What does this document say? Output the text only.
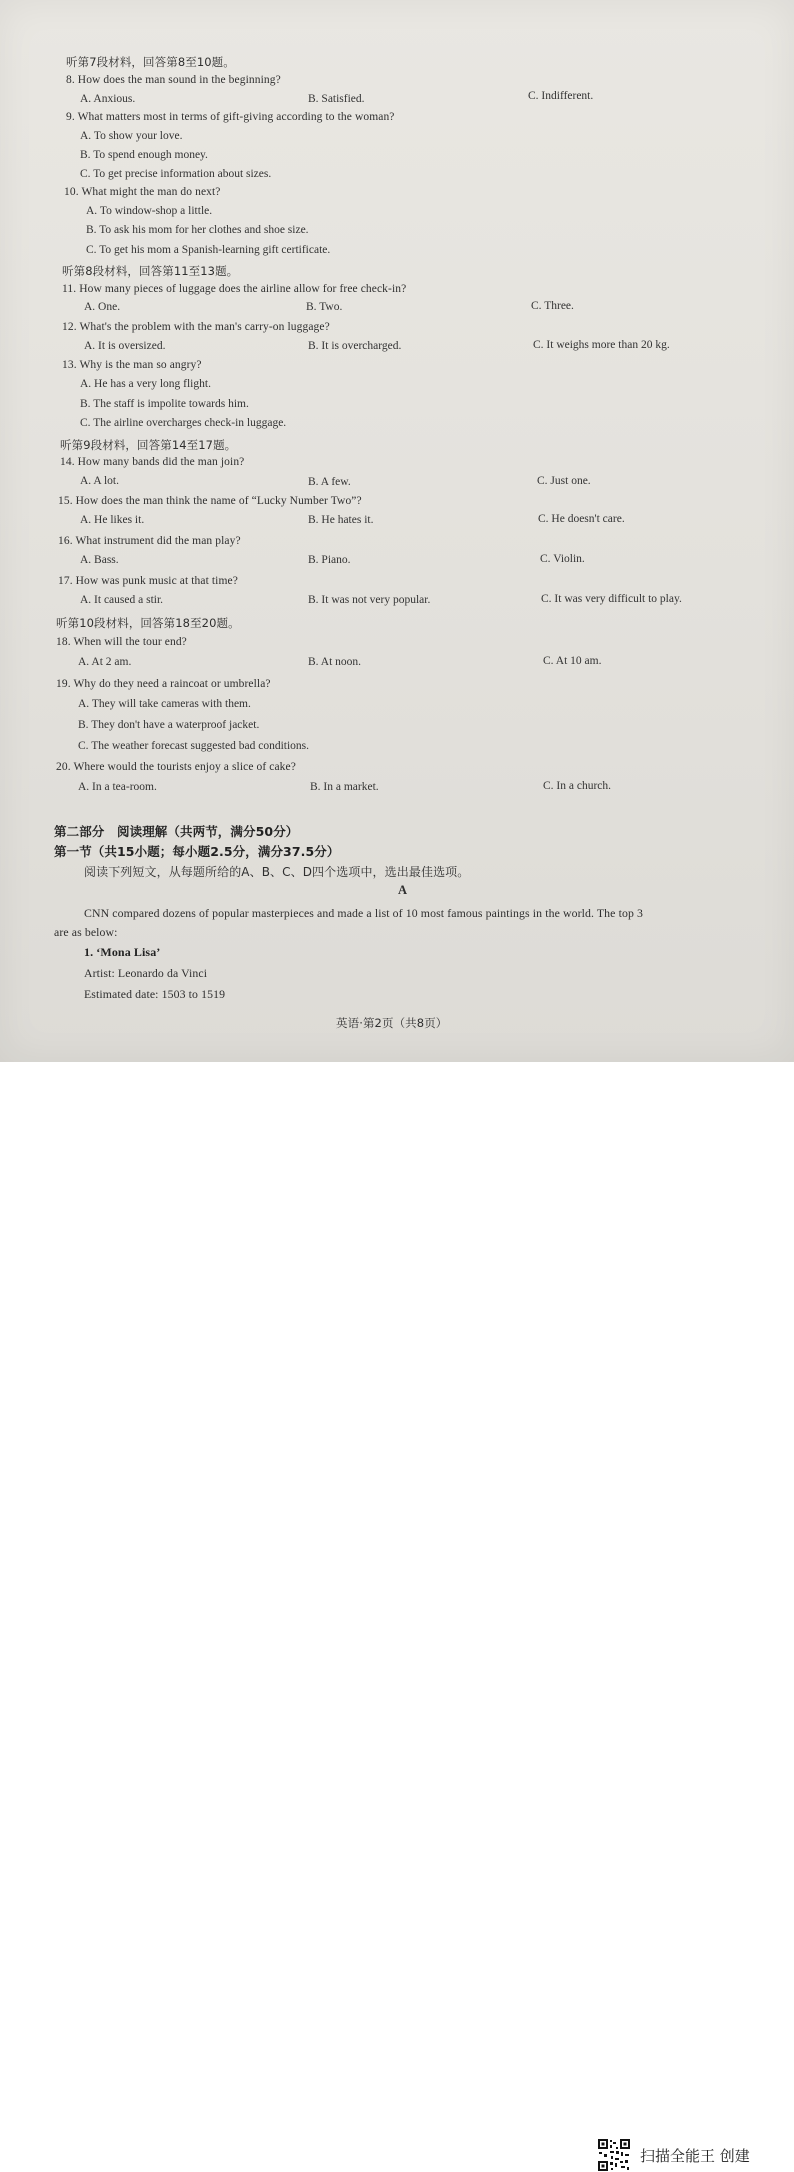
听第7段材料，回答第8至10题。
8. How does the man sound in the beginning?
A. Anxious.	B. Satisfied.	C. Indifferent.
9. What matters most in terms of gift-giving according to the woman?
A. To show your love.
B. To spend enough money.
C. To get precise information about sizes.
10. What might the man do next?
A. To window-shop a little.
B. To ask his mom for her clothes and shoe size.
C. To get his mom a Spanish-learning gift certificate.
听第8段材料，回答第11至13题。
11. How many pieces of luggage does the airline allow for free check-in?
A. One.	B. Two.	C. Three.
12. What's the problem with the man's carry-on luggage?
A. It is oversized.	B. It is overcharged.	C. It weighs more than 20 kg.
13. Why is the man so angry?
A. He has a very long flight.
B. The staff is impolite towards him.
C. The airline overcharges check-in luggage.
听第9段材料，回答第14至17题。
14. How many bands did the man join?
A. A lot.	B. A few.	C. Just one.
15. How does the man think the name of “Lucky Number Two”?
A. He likes it.	B. He hates it.	C. He doesn't care.
16. What instrument did the man play?
A. Bass.	B. Piano.	C. Violin.
17. How was punk music at that time?
A. It caused a stir.	B. It was not very popular.	C. It was very difficult to play.
听第10段材料，回答第18至20题。
18. When will the tour end?
A. At 2 am.	B. At noon.	C. At 10 am.
19. Why do they need a raincoat or umbrella?
A. They will take cameras with them.
B. They don't have a waterproof jacket.
C. The weather forecast suggested bad conditions.
20. Where would the tourists enjoy a slice of cake?
A. In a tea-room.	B. In a market.	C. In a church.
第二部分　阅读理解（共两节，满分50分）
第一节（共15小题；每小题2.5分，满分37.5分）
阅读下列短文，从每题所给的A、B、C、D四个选项中，选出最佳选项。
A
CNN compared dozens of popular masterpieces and made a list of 10 most famous paintings in the world. The top 3
are as below:
1. ‘Mona Lisa’
Artist: Leonardo da Vinci
Estimated date: 1503 to 1519
英语·第2页（共8页）
扫描全能王 创建
